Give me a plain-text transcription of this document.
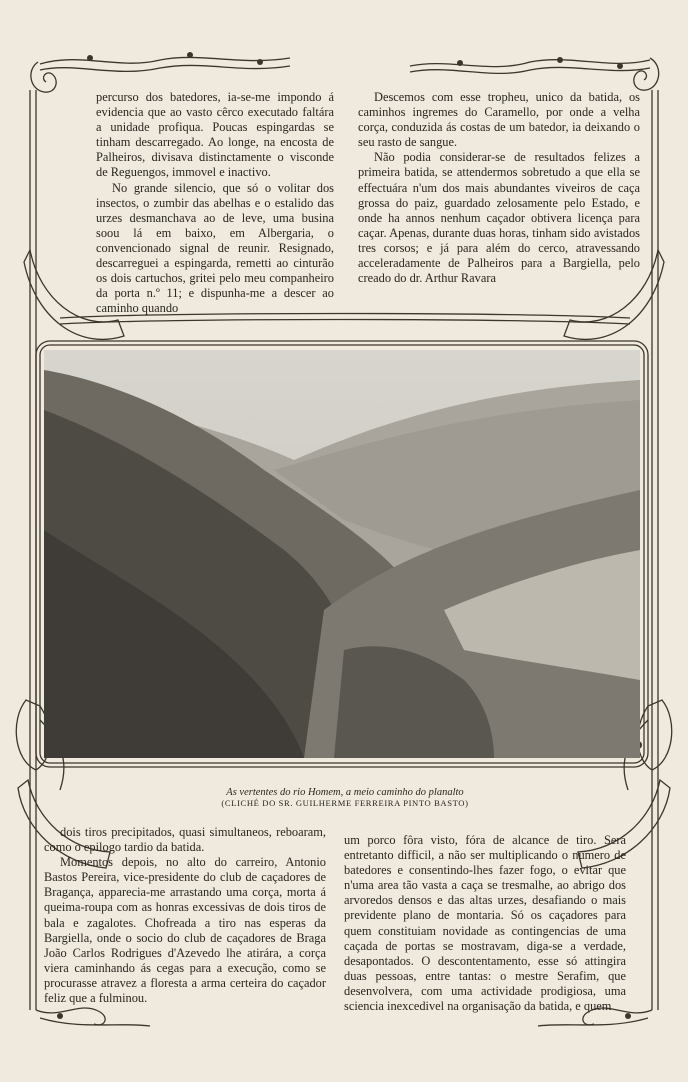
percurso dos batedores, ia-se-me impondo á evidencia que ao vasto cêrco executado faltára a unidade profiqua. Poucas espingardas se tinham descarregado. Ao longe, na encosta de Palheiros, divisava distinctamente o visconde de Reguengos, immovel e inactivo.

No grande silencio, que só o volitar dos insectos, o zumbir das abelhas e o estalido das urzes desmanchava ao de leve, uma busina soou lá em baixo, em Albergaria, o convencionado signal de reunir. Resignado, descarreguei a espingarda, remetti ao cinturão os dois cartuchos, gritei pelo meu companheiro da porta n.º 11; e dispunha-me a descer ao caminho quando

Descemos com esse tropheu, unico da batida, os caminhos ingremes do Caramello, por onde a velha corça, conduzida ás costas de um batedor, ia deixando o seu rasto de sangue.

Não podia considerar-se de resultados felizes a primeira batida, se attendermos sobretudo a que ella se effectuára n'um dos mais abundantes viveiros de caça grossa do paiz, guardado zelosamente pelo Estado, e onde ha annos nenhum caçador obtivera licença para caçar. Apenas, durante duas horas, tinham sido avistados tres corsos; e já para além do cerco, atravessando acceleradamente de Palheiros para a Bargiella, pelo creado do dr. Arthur Ravara

As vertentes do rio Homem, a meio caminho do planalto
(CLICHÉ DO SR. GUILHERME FERREIRA PINTO BASTO)

dois tiros precipitados, quasi simultaneos, reboaram, como o epilogo tardio da batida.

Momentos depois, no alto do carreiro, Antonio Bastos Pereira, vice-presidente do club de caçadores de Bragança, apparecia-me arrastando uma corça, morta á queima-roupa com as honras excessivas de dois tiros de bala e zagalotes. Chofreada a tiro nas esperas da Bargiella, onde o socio do club de caçadores de Braga João Carlos Rodrigues d'Azevedo lhe atirára, a corça viera caminhando ás cegas para a execução, como se procurasse atravez a floresta a arma certeira do caçador feliz que a fulminou.

um porco fôra visto, fóra de alcance de tiro. Será entretanto difficil, a não ser multiplicando o numero de batedores e consentindo-lhes fazer fogo, o evitar que n'uma area tão vasta a caça se tresmalhe, ao abrigo dos arvoredos densos e das altas urzes, desafiando o mais previdente plano de montaria. Só os caçadores para quem constituiam novidade as contingencias de uma caçada de portas se mostravam, diga-se a verdade, desapontados. O descontentamento, esse só attingira duas pessoas, entre tantas: o mestre Serafim, que desenvolvera, com uma actividade prodigiosa, uma sciencia inexcedivel na organisação da batida, e quem
